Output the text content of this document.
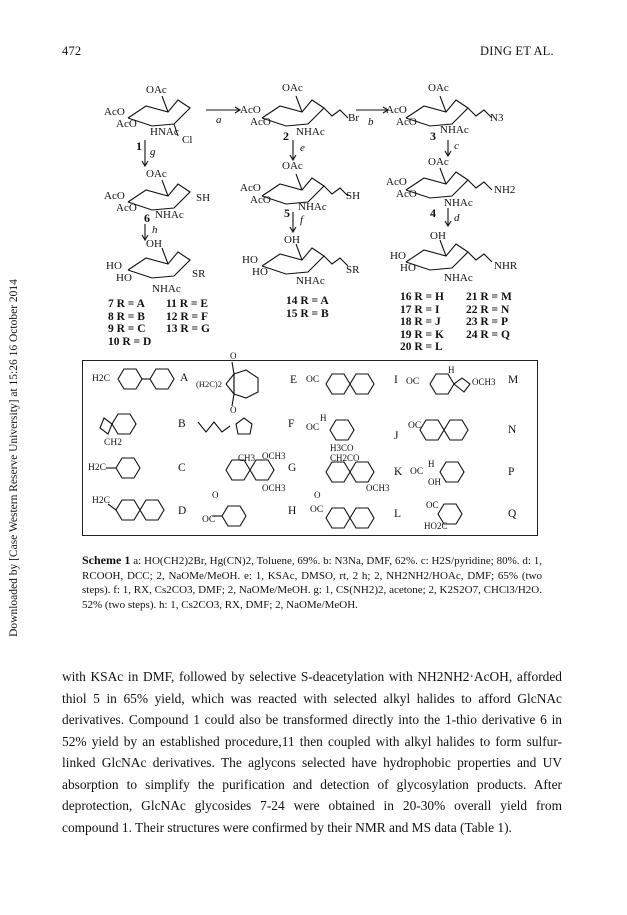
472	DING ET AL.
Downloaded by [Case Western Reserve University] at 15:26 16 October 2014
OAc
AcO
AcO
HNAc
Cl
1
OAc
AcO
AcO
NHAc
Br
2
OAc
AcO
AcO
NHAc
N3
3
a	b
g	e	c
OAc
AcO
AcO
SH
NHAc
6
h
OAc
AcO
AcO
NHAc
SH
5 f
OAc
AcO
AcO
NHAc
NH2
4 d
OH
HO
HO	SR
NHAc
OH
HO
HO
NHAc
SR
OH
HO
HO
NHAc
NHR
7 R = A
8 R = B
9 R = C
10 R = D
11 R = E
12 R = F
13 R = G
14 R = A
15 R = B
16 R = H
17 R = I
18 R = J
19 R = K
20 R = L
21 R = M
22 R = N
23 R = P
24 R = Q
A
B
C
D
E
F
G
H
I
J
K
L
M
N
P
Q
H2C
CH2
H2C
H2C
(H2C)2
O
O
CH3 OCH3
OCH3
O
OC
OC
OC
H
H3CO
CH2CO
OCH3
O
OC
OC
H
OCH3
OC
OC
H
OH
OC
HO2C
Scheme 1 a: HO(CH2)2Br, Hg(CN)2, Toluene, 69%. b: N3Na, DMF, 62%. c: H2S/pyridine; 80%. d: 1, RCOOH, DCC; 2, NaOMe/MeOH. e: 1, KSAc, DMSO, rt, 2 h; 2, NH2NH2/HOAc, DMF; 65% (two steps). f: 1, RX, Cs2CO3, DMF; 2, NaOMe/MeOH. g: 1, CS(NH2)2, acetone; 2, K2S2O7, CHCl3/H2O. 52% (two steps). h: 1, Cs2CO3, RX, DMF; 2, NaOMe/MeOH.
with KSAc in DMF, followed by selective S-deacetylation with NH2NH2·AcOH, afforded thiol 5 in 65% yield, which was reacted with selected alkyl halides to afford GlcNAc derivatives. Compound 1 could also be transformed directly into the 1-thio derivative 6 in 52% yield by an established procedure,11 then coupled with alkyl halides to form sulfur-linked GlcNAc derivatives. The aglycons selected have hydrophobic properties and UV absorption to simplify the purification and detection of glycosylation products. After deprotection, GlcNAc glycosides 7-24 were obtained in 20-30% overall yield from compound 1. Their structures were confirmed by their NMR and MS data (Table 1).
